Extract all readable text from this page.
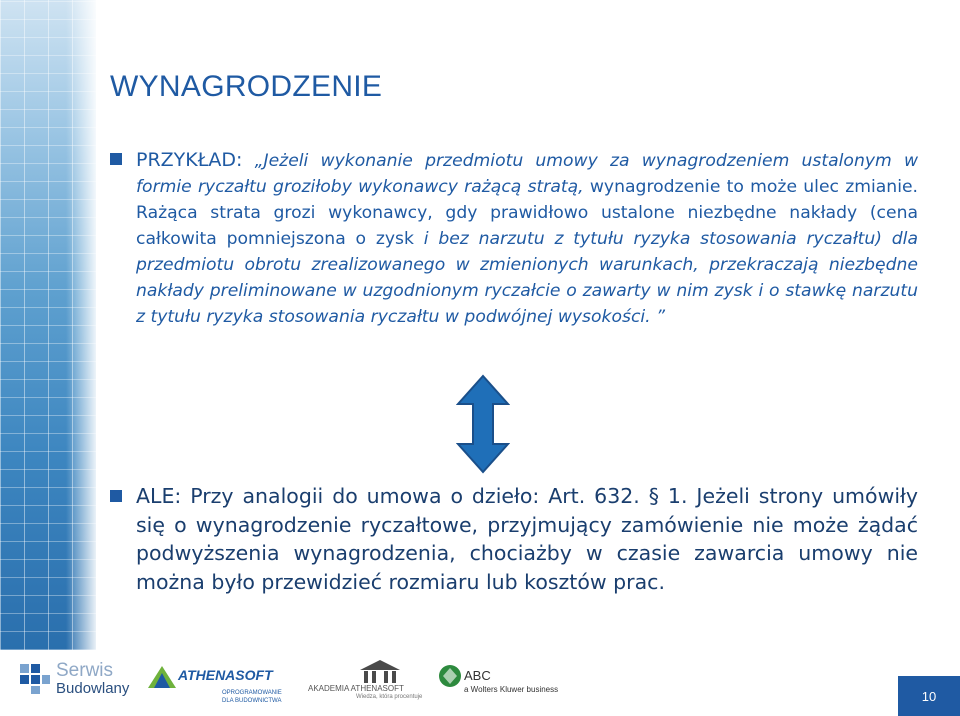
WYNAGRODZENIE
PRZYKŁAD: „Jeżeli wykonanie przedmiotu umowy za wynagrodzeniem ustalonym w formie ryczałtu groziłoby wykonawcy rażącą stratą, wynagrodzenie to może ulec zmianie. Rażąca strata grozi wykonawcy, gdy prawidłowo ustalone niezbędne nakłady (cena całkowita pomniejszona o zysk i bez narzutu z tytułu ryzyka stosowania ryczałtu) dla przedmiotu obrotu zrealizowanego w zmienionych warunkach, przekraczają niezbędne nakłady preliminowane w uzgodnionym ryczałcie o zawarty w nim zysk i o stawkę narzutu z tytułu ryzyka stosowania ryczałtu w podwójnej wysokości. ”
ALE: Przy analogii do umowa o dzieło: Art. 632. § 1. Jeżeli strony umówiły się o wynagrodzenie ryczałtowe, przyjmujący zamówienie nie może żądać podwyższenia wynagrodzenia, chociażby w czasie zawarcia umowy nie można było przewidzieć rozmiaru lub kosztów prac.
Serwis
Budowlany
ATHENASOFT
OPROGRAMOWANIE
DLA BUDOWNICTWA
AKADEMIA ATHENASOFT
Wiedza, która procentuje
ABC
a Wolters Kluwer business	10
